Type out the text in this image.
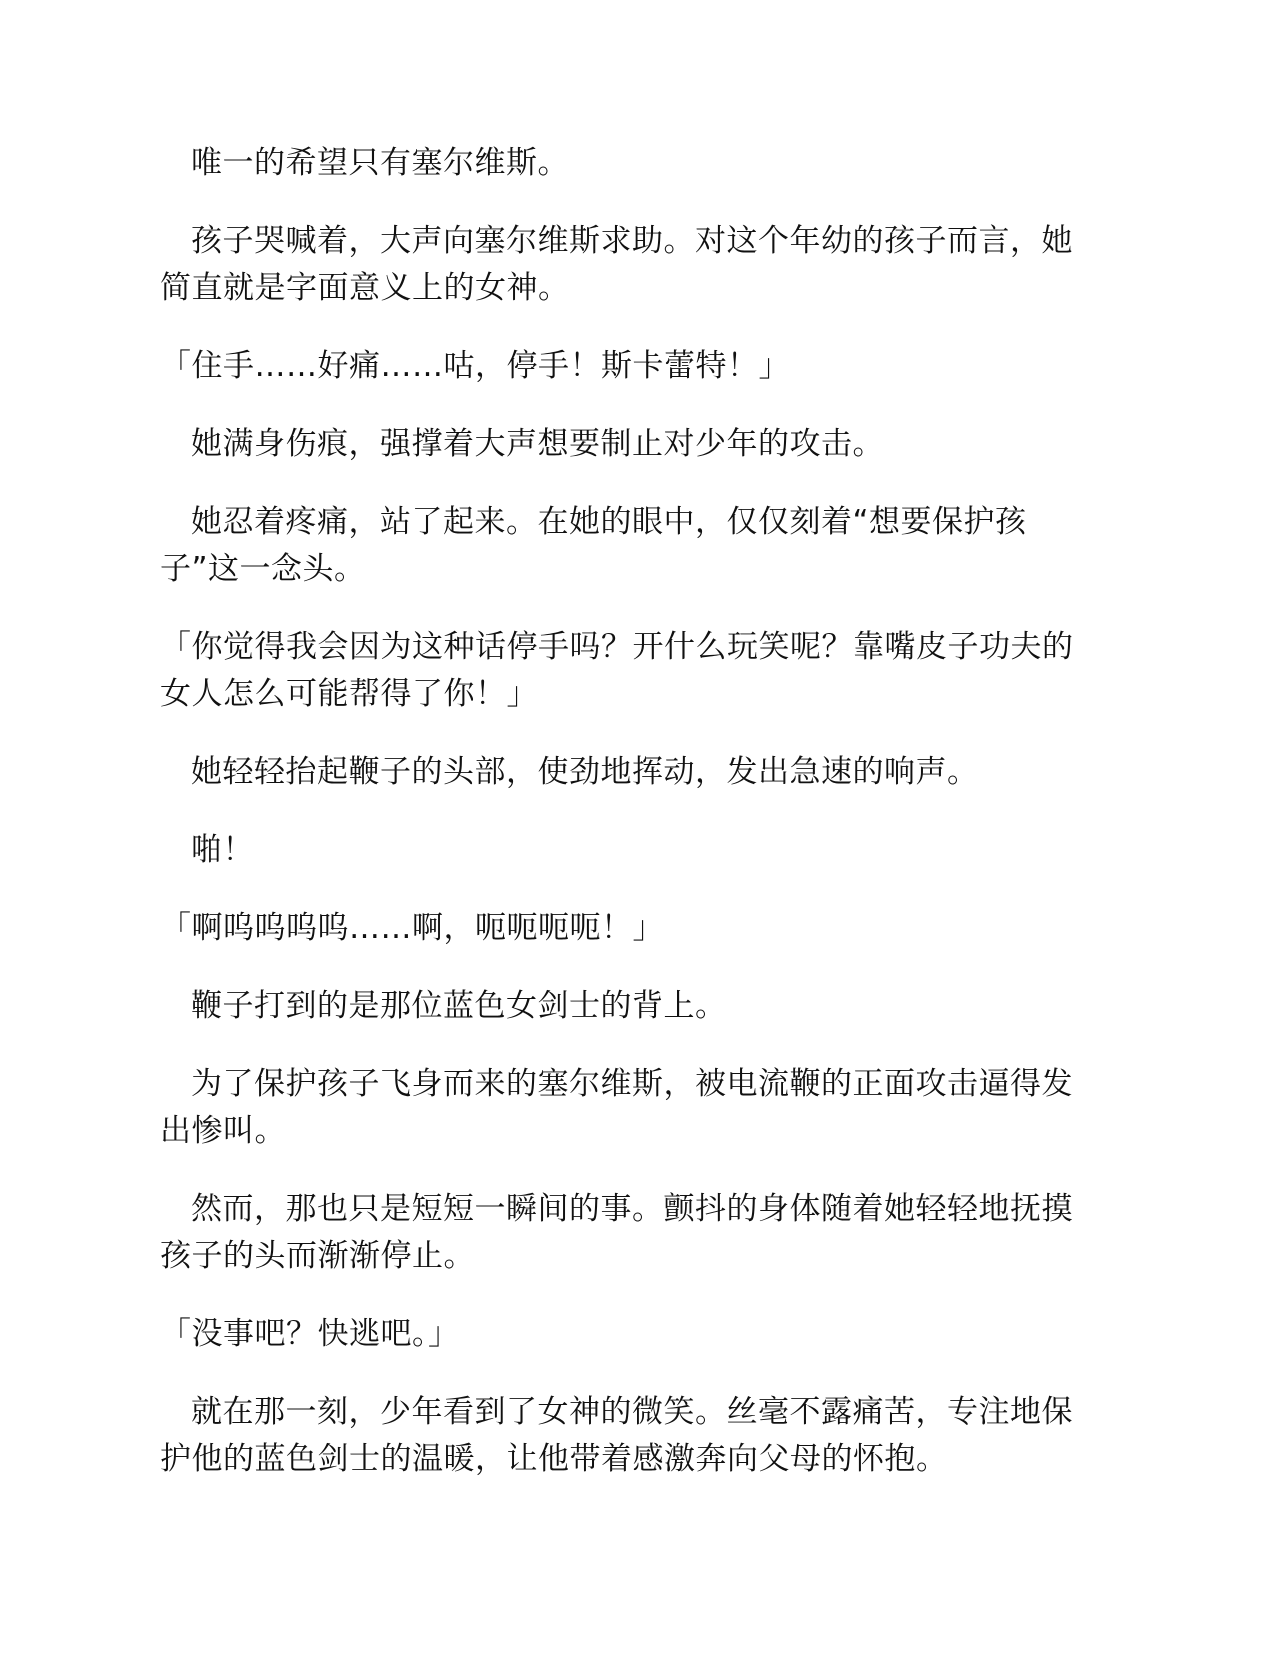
唯一的希望只有塞尔维斯。

孩子哭喊着，大声向塞尔维斯求助。对这个年幼的孩子而言，她简直就是字面意义上的女神。

「住手……好痛……咕，停手！斯卡蕾特！」

她满身伤痕，强撑着大声想要制止对少年的攻击。

她忍着疼痛，站了起来。在她的眼中，仅仅刻着“想要保护孩子”这一念头。

「你觉得我会因为这种话停手吗？开什么玩笑呢？靠嘴皮子功夫的女人怎么可能帮得了你！」

她轻轻抬起鞭子的头部，使劲地挥动，发出急速的响声。

啪！

「啊呜呜呜呜……啊，呃呃呃呃！」

鞭子打到的是那位蓝色女剑士的背上。

为了保护孩子飞身而来的塞尔维斯，被电流鞭的正面攻击逼得发出惨叫。

然而，那也只是短短一瞬间的事。颤抖的身体随着她轻轻地抚摸孩子的头而渐渐停止。

「没事吧？快逃吧。」

就在那一刻，少年看到了女神的微笑。丝毫不露痛苦，专注地保护他的蓝色剑士的温暖，让他带着感激奔向父母的怀抱。
